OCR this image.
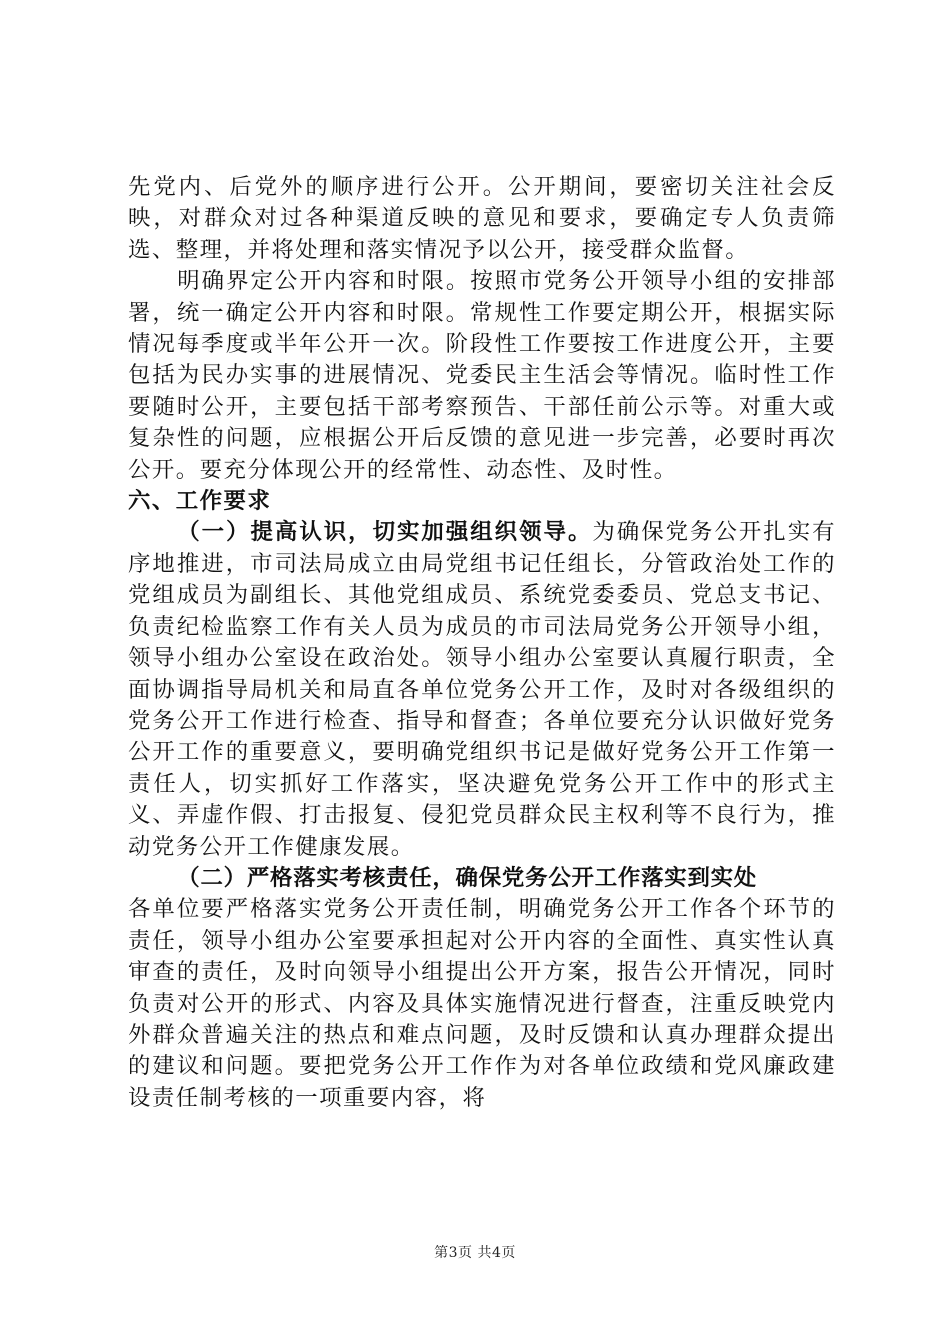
先党内、后党外的顺序进行公开。公开期间，要密切关注社会反映，对群众对过各种渠道反映的意见和要求，要确定专人负责筛选、整理，并将处理和落实情况予以公开，接受群众监督。

明确界定公开内容和时限。按照市党务公开领导小组的安排部署，统一确定公开内容和时限。常规性工作要定期公开，根据实际情况每季度或半年公开一次。阶段性工作要按工作进度公开，主要包括为民办实事的进展情况、党委民主生活会等情况。临时性工作要随时公开，主要包括干部考察预告、干部任前公示等。对重大或复杂性的问题，应根据公开后反馈的意见进一步完善，必要时再次公开。要充分体现公开的经常性、动态性、及时性。

六、工作要求

（一）提高认识，切实加强组织领导。为确保党务公开扎实有序地推进，市司法局成立由局党组书记任组长，分管政治处工作的党组成员为副组长、其他党组成员、系统党委委员、党总支书记、负责纪检监察工作有关人员为成员的市司法局党务公开领导小组，领导小组办公室设在政治处。领导小组办公室要认真履行职责，全面协调指导局机关和局直各单位党务公开工作，及时对各级组织的党务公开工作进行检查、指导和督查；各单位要充分认识做好党务公开工作的重要意义，要明确党组织书记是做好党务公开工作第一责任人，切实抓好工作落实，坚决避免党务公开工作中的形式主义、弄虚作假、打击报复、侵犯党员群众民主权利等不良行为，推动党务公开工作健康发展。

（二）严格落实考核责任，确保党务公开工作落实到实处

各单位要严格落实党务公开责任制，明确党务公开工作各个环节的责任，领导小组办公室要承担起对公开内容的全面性、真实性认真审查的责任，及时向领导小组提出公开方案，报告公开情况，同时负责对公开的形式、内容及具体实施情况进行督查，注重反映党内外群众普遍关注的热点和难点问题，及时反馈和认真办理群众提出的建议和问题。要把党务公开工作作为对各单位政绩和党风廉政建设责任制考核的一项重要内容，将

第3页 共4页
